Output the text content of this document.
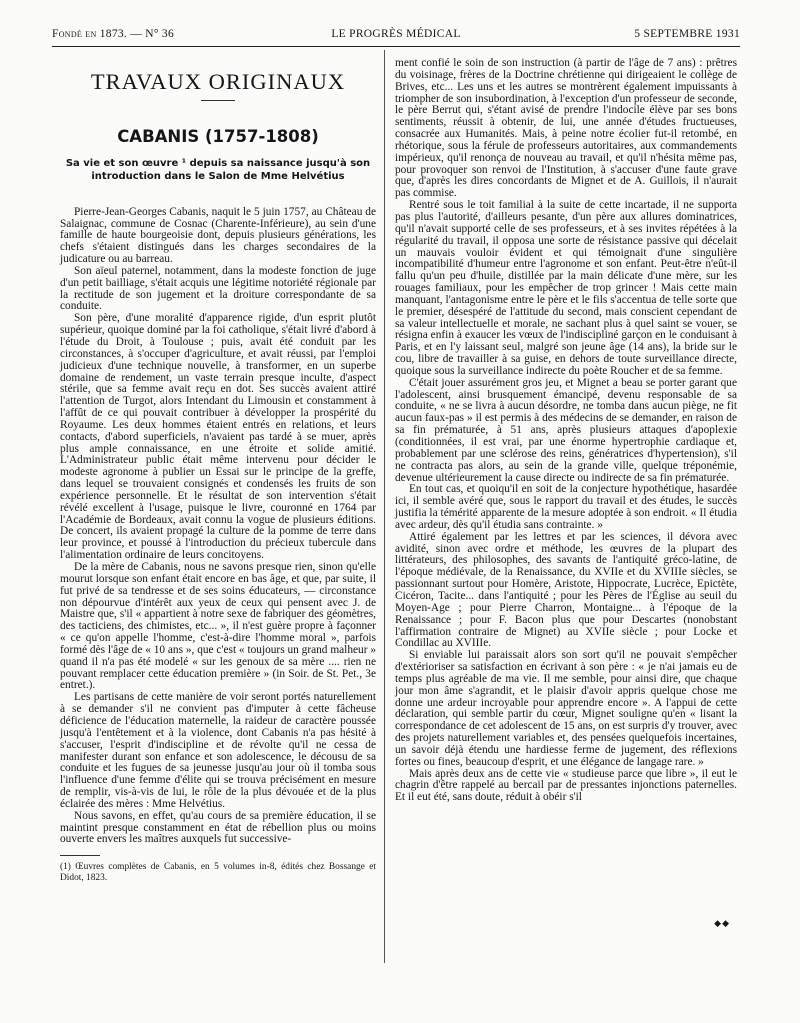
Fondé en 1873. — N° 36	LE PROGRÈS MÉDICAL	5 SEPTEMBRE 1931
TRAVAUX ORIGINAUX
CABANIS (1757-1808)
Sa vie et son œuvre ¹ depuis sa naissance jusqu'à son introduction dans le Salon de Mme Helvétius

Pierre-Jean-Georges Cabanis, naquit le 5 juin 1757, au Château de Salaignac, commune de Cosnac (Charente-Inférieure), au sein d'une famille de haute bourgeoisie dont, depuis plusieurs générations, les chefs s'étaient distingués dans les charges secondaires de la judicature ou au barreau.

Son aïeul paternel, notamment, dans la modeste fonction de juge d'un petit bailliage, s'était acquis une légitime notoriété régionale par la rectitude de son jugement et la droiture correspondante de sa conduite.

Son père, d'une moralité d'apparence rigide, d'un esprit plutôt supérieur, quoique dominé par la foi catholique, s'était livré d'abord à l'étude du Droit, à Toulouse ; puis, avait été conduit par les circonstances, à s'occuper d'agriculture, et avait réussi, par l'emploi judicieux d'une technique nouvelle, à transformer, en un superbe domaine de rendement, un vaste terrain presque inculte, d'aspect stérile, que sa femme avait reçu en dot. Ses succès avaient attiré l'attention de Turgot, alors Intendant du Limousin et constamment à l'affût de ce qui pouvait contribuer à développer la prospérité du Royaume. Les deux hommes étaient entrés en relations, et leurs contacts, d'abord superficiels, n'avaient pas tardé à se muer, après plus ample connaissance, en une étroite et solide amitié. L'Administrateur public était même intervenu pour décider le modeste agronome à publier un Essai sur le principe de la greffe, dans lequel se trouvaient consignés et condensés les fruits de son expérience personnelle. Et le résultat de son intervention s'était révélé excellent à l'usage, puisque le livre, couronné en 1764 par l'Académie de Bordeaux, avait connu la vogue de plusieurs éditions. De concert, ils avaient propagé la culture de la pomme de terre dans leur province, et poussé à l'introduction du précieux tubercule dans l'alimentation ordinaire de leurs concitoyens.

De la mère de Cabanis, nous ne savons presque rien, sinon qu'elle mourut lorsque son enfant était encore en bas âge, et que, par suite, il fut privé de sa tendresse et de ses soins éducateurs, — circonstance non dépourvue d'intérêt aux yeux de ceux qui pensent avec J. de Maistre que, s'il « appartient à notre sexe de fabriquer des géomètres, des tacticiens, des chimistes, etc... », il n'est guère propre à façonner « ce qu'on appelle l'homme, c'est-à-dire l'homme moral », parfois formé dès l'âge de « 10 ans », que c'est « toujours un grand malheur » quand il n'a pas été modelé « sur les genoux de sa mère .... rien ne pouvant remplacer cette éducation première » (in Soir. de St. Pet., 3e entret.).

Les partisans de cette manière de voir seront portés naturellement à se demander s'il ne convient pas d'imputer à cette fâcheuse déficience de l'éducation maternelle, la raideur de caractère poussée jusqu'à l'entêtement et à la violence, dont Cabanis n'a pas hésité à s'accuser, l'esprit d'indiscipline et de révolte qu'il ne cessa de manifester durant son enfance et son adolescence, le décousu de sa conduite et les fugues de sa jeunesse jusqu'au jour où il tomba sous l'influence d'une femme d'élite qui se trouva précisément en mesure de remplir, vis-à-vis de lui, le rôle de la plus dévouée et de la plus éclairée des mères : Mme Helvétius.

Nous savons, en effet, qu'au cours de sa première éducation, il se maintint presque constamment en état de rébellion plus ou moins ouverte envers les maîtres auxquels fut successive-

(1) Œuvres complètes de Cabanis, en 5 volumes in-8, édités chez Bossange et Didot, 1823.

ment confié le soin de son instruction (à partir de l'âge de 7 ans) : prêtres du voisinage, frères de la Doctrine chrétienne qui dirigeaient le collège de Brives, etc... Les uns et les autres se montrèrent également impuissants à triompher de son insubordination, à l'exception d'un professeur de seconde, le père Berrut qui, s'étant avisé de prendre l'indocile élève par ses bons sentiments, réussit à obtenir, de lui, une année d'études fructueuses, consacrée aux Humanités. Mais, à peine notre écolier fut-il retombé, en rhétorique, sous la férule de professeurs autoritaires, aux commandements impérieux, qu'il renonça de nouveau au travail, et qu'il n'hésita même pas, pour provoquer son renvoi de l'Institution, à s'accuser d'une faute grave que, d'après les dires concordants de Mignet et de A. Guillois, il n'aurait pas commise.

Rentré sous le toit familial à la suite de cette incartade, il ne supporta pas plus l'autorité, d'ailleurs pesante, d'un père aux allures dominatrices, qu'il n'avait supporté celle de ses professeurs, et à ses invites répétées à la régularité du travail, il opposa une sorte de résistance passive qui décelait un mauvais vouloir évident et qui témoignait d'une singulière incompatibilité d'humeur entre l'agronome et son enfant. Peut-être n'eût-il fallu qu'un peu d'huile, distillée par la main délicate d'une mère, sur les rouages familiaux, pour les empêcher de trop grincer ! Mais cette main manquant, l'antagonisme entre le père et le fils s'accentua de telle sorte que le premier, désespéré de l'attitude du second, mais conscient cependant de sa valeur intellectuelle et morale, ne sachant plus à quel saint se vouer, se résigna enfin à exaucer les vœux de l'indiscipliné garçon en le conduisant à Paris, et en l'y laissant seul, malgré son jeune âge (14 ans), la bride sur le cou, libre de travailler à sa guise, en dehors de toute surveillance directe, quoique sous la surveillance indirecte du poète Roucher et de sa femme.

C'était jouer assurément gros jeu, et Mignet a beau se porter garant que l'adolescent, ainsi brusquement émancipé, devenu responsable de sa conduite, « ne se livra à aucun désordre, ne tomba dans aucun piège, ne fit aucun faux-pas » il est permis à des médecins de se demander, en raison de sa fin prématurée, à 51 ans, après plusieurs attaques d'apoplexie (conditionnées, il est vrai, par une énorme hypertrophie cardiaque et, probablement par une sclérose des reins, génératrices d'hypertension), s'il ne contracta pas alors, au sein de la grande ville, quelque tréponémie, devenue ultérieurement la cause directe ou indirecte de sa fin prématurée.

En tout cas, et quoiqu'il en soit de la conjecture hypothétique, hasardée ici, il semble avéré que, sous le rapport du travail et des études, le succès justifia la témérité apparente de la mesure adoptée à son endroit. « Il étudia avec ardeur, dès qu'il étudia sans contrainte. »

Attiré également par les lettres et par les sciences, il dévora avec avidité, sinon avec ordre et méthode, les œuvres de la plupart des littérateurs, des philosophes, des savants de l'antiquité gréco-latine, de l'époque médiévale, de la Renaissance, du XVIIe et du XVIIIe siècles, se passionnant surtout pour Homère, Aristote, Hippocrate, Lucrèce, Epictète, Cicéron, Tacite... dans l'antiquité ; pour les Pères de l'Église au seuil du Moyen-Age ; pour Pierre Charron, Montaigne... à l'époque de la Renaissance ; pour F. Bacon plus que pour Descartes (nonobstant l'affirmation contraire de Mignet) au XVIIe siècle ; pour Locke et Condillac au XVIIIe.

Si enviable lui paraissait alors son sort qu'il ne pouvait s'empêcher d'extérioriser sa satisfaction en écrivant à son père : « je n'ai jamais eu de temps plus agréable de ma vie. Il me semble, pour ainsi dire, que chaque jour mon âme s'agrandit, et le plaisir d'avoir appris quelque chose me donne une ardeur incroyable pour apprendre encore ». A l'appui de cette déclaration, qui semble partir du cœur, Mignet souligne qu'en « lisant la correspondance de cet adolescent de 15 ans, on est surpris d'y trouver, avec des projets naturellement variables et, des pensées quelquefois incertaines, un savoir déjà étendu une hardiesse ferme de jugement, des réflexions fortes ou fines, beaucoup d'esprit, et une élégance de langage rare. »

Mais après deux ans de cette vie « studieuse parce que libre », il eut le chagrin d'être rappelé au bercail par de pressantes injonctions paternelles. Et il eut été, sans doute, réduit à obéir s'il

◆◆
